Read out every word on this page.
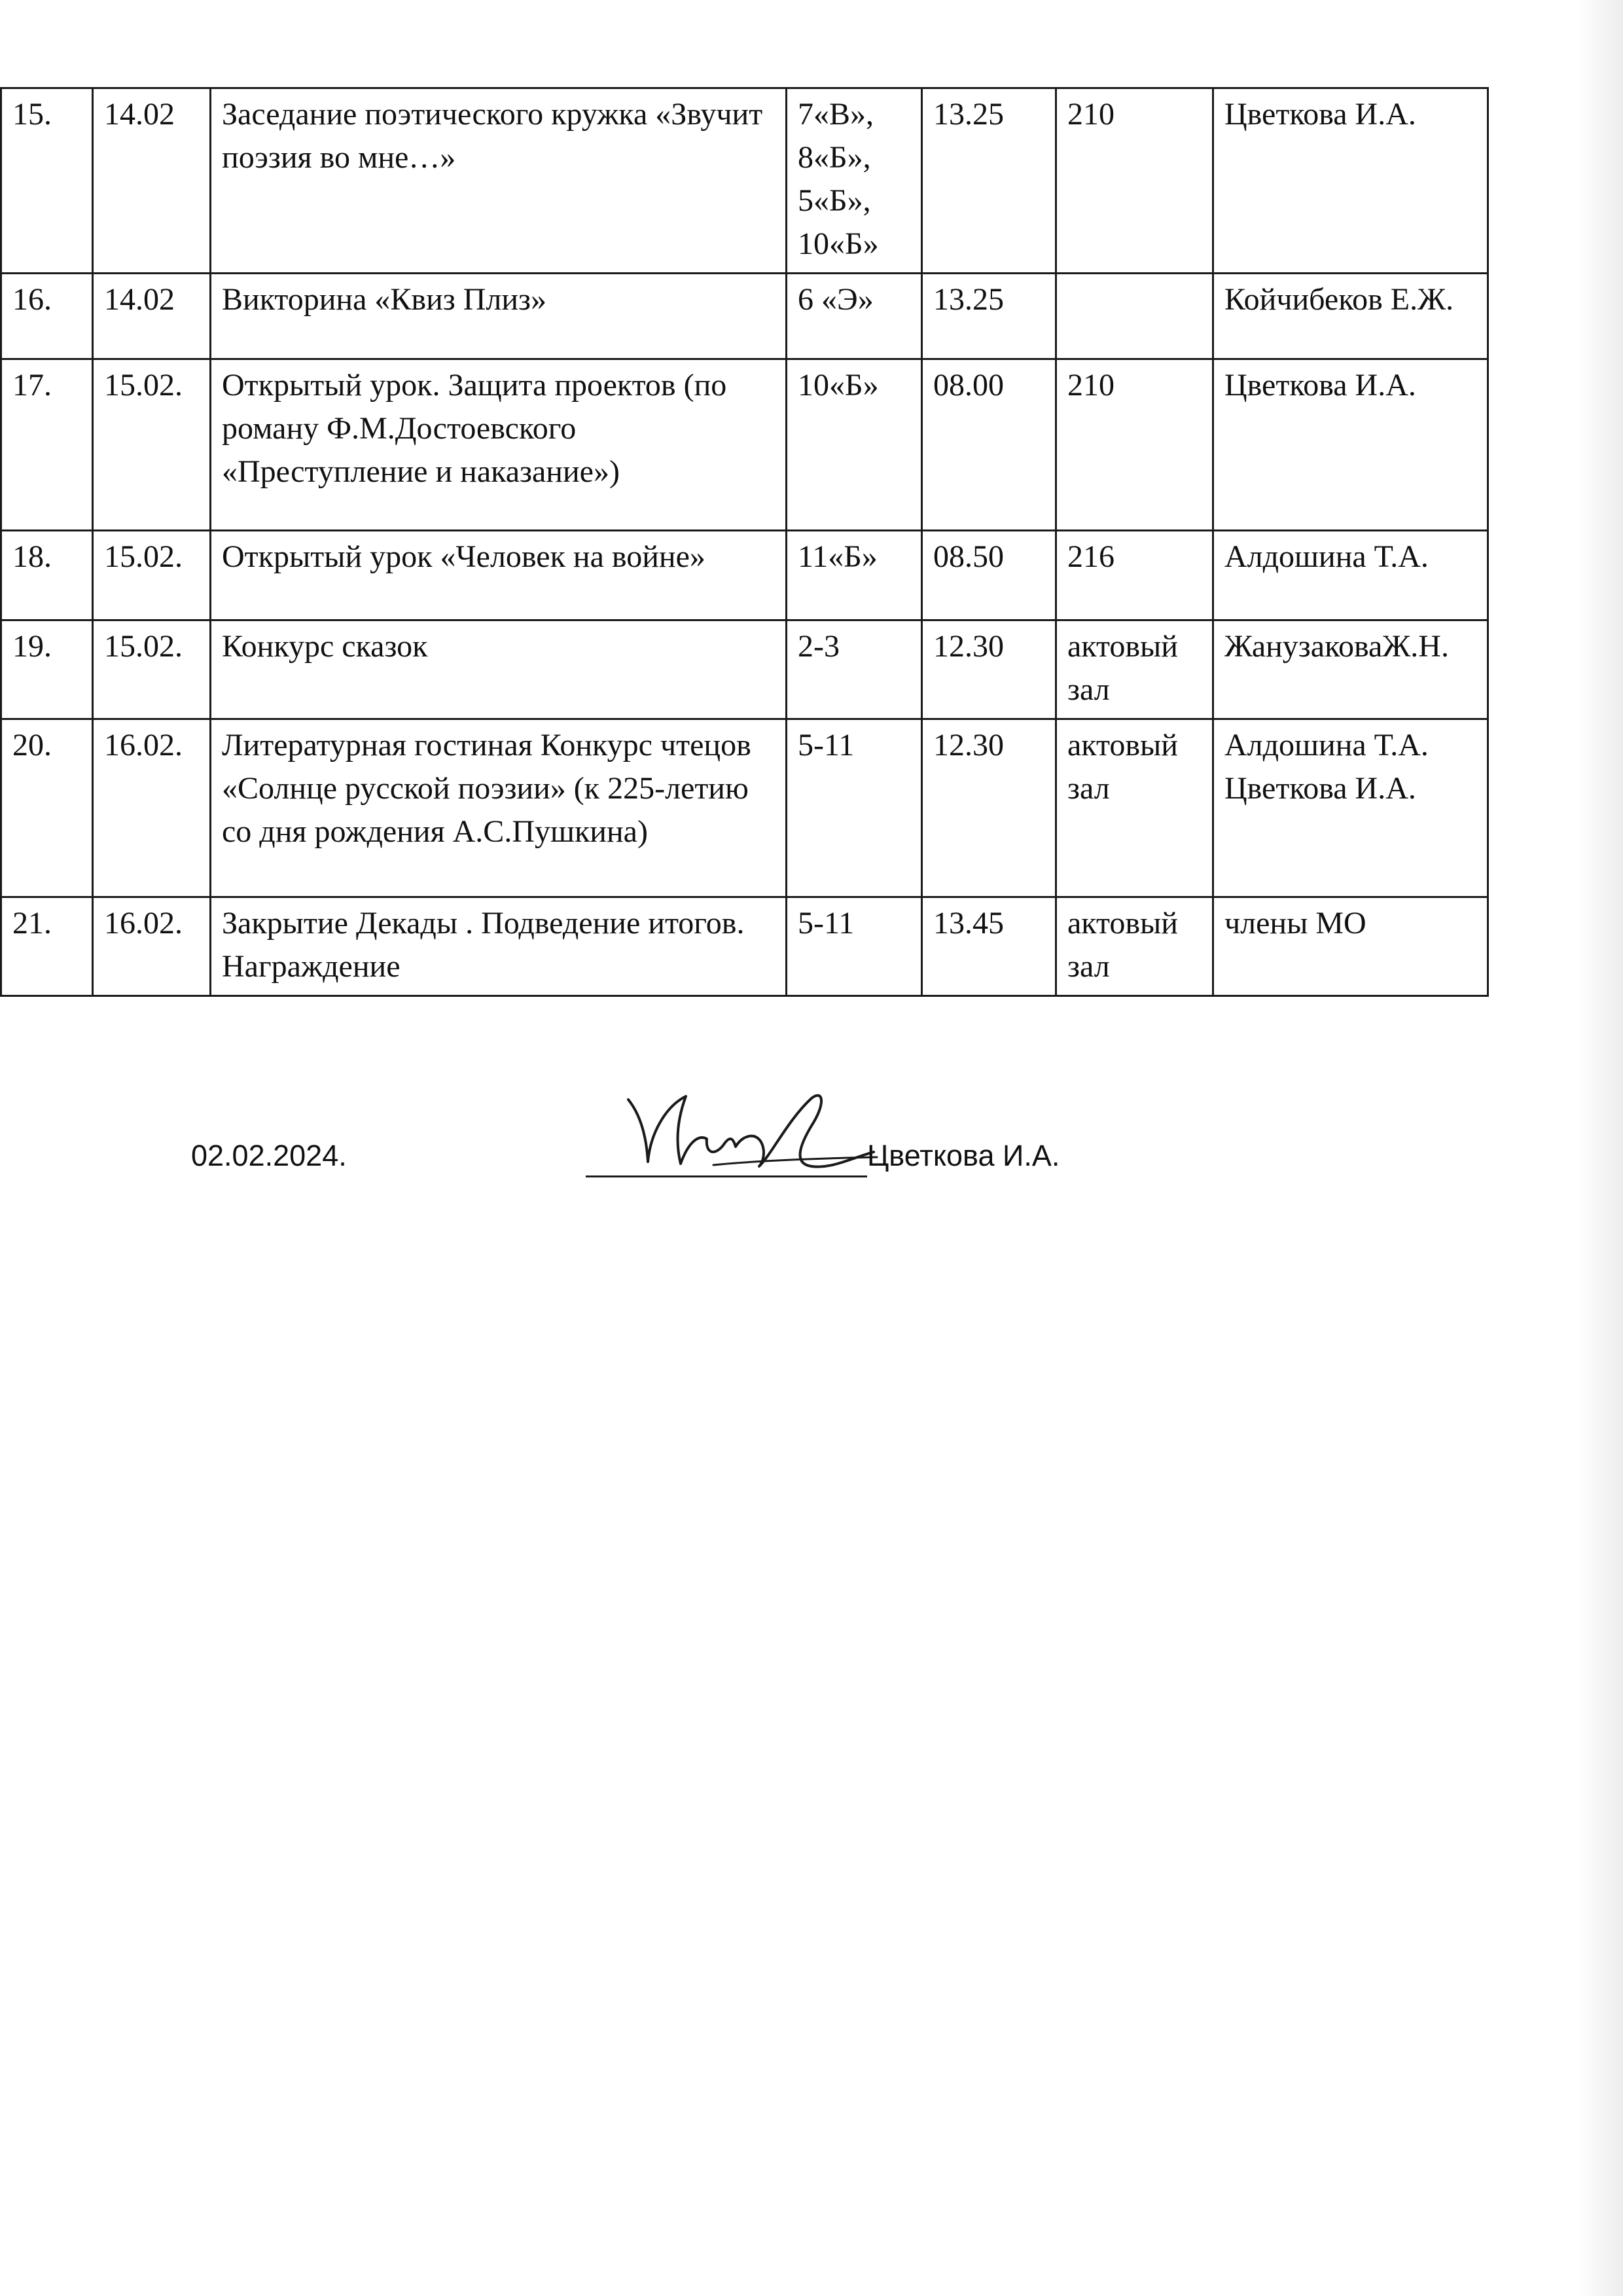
15.	14.02	Заседание поэтического кружка «Звучит поэзия во мне…»	7«В»,
8«Б»,
5«Б»,
10«Б»	13.25	210	Цветкова И.А.
16.	14.02	Викторина «Квиз Плиз»	6 «Э»	13.25		Койчибеков Е.Ж.
17.	15.02.	Открытый урок. Защита проектов (по роману Ф.М.Достоевского «Преступление и наказание»)	10«Б»	08.00	210	Цветкова И.А.
18.	15.02.	Открытый урок «Человек на войне»	11«Б»	08.50	216	Алдошина Т.А.
19.	15.02.	Конкурс сказок	2-3	12.30	актовый зал	ЖанузаковаЖ.Н.
20.	16.02.	Литературная гостиная Конкурс чтецов «Солнце русской поэзии» (к 225-летию со дня рождения А.С.Пушкина)	5-11	12.30	актовый зал	Алдошина Т.А.
Цветкова И.А.
21.	16.02.	Закрытие Декады . Подведение итогов. Награждение	5-11	13.45	актовый зал	члены МО
02.02.2024.	Цветкова И.А.
